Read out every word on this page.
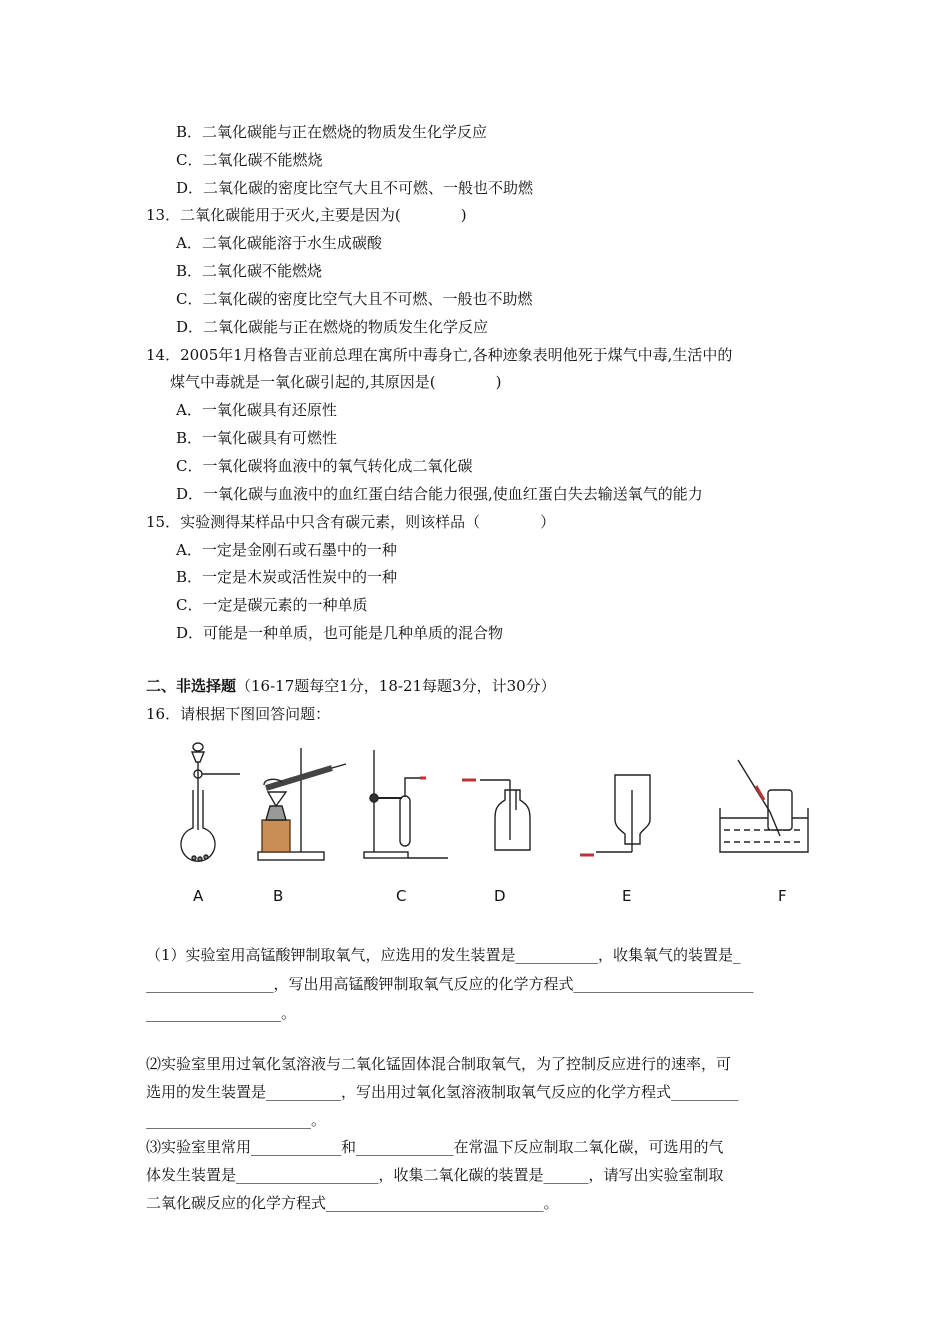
B．二氧化碳能与正在燃烧的物质发生化学反应
C．二氧化碳不能燃烧
D．二氧化碳的密度比空气大且不可燃、一般也不助燃
13．二氧化碳能用于灭火,主要是因为(　　　　)
A．二氧化碳能溶于水生成碳酸
B．二氧化碳不能燃烧
C．二氧化碳的密度比空气大且不可燃、一般也不助燃
D．二氧化碳能与正在燃烧的物质发生化学反应
14．2005年1月格鲁吉亚前总理在寓所中毒身亡,各种迹象表明他死于煤气中毒,生活中的
煤气中毒就是一氧化碳引起的,其原因是(　　　　)
A．一氧化碳具有还原性
B．一氧化碳具有可燃性
C．一氧化碳将血液中的氧气转化成二氧化碳
D．一氧化碳与血液中的血红蛋白结合能力很强,使血红蛋白失去输送氧气的能力
15．实验测得某样品中只含有碳元素，则该样品（　　　　）
A．一定是金刚石或石墨中的一种
B．一定是木炭或活性炭中的一种
C．一定是碳元素的一种单质
D．可能是一种单质，也可能是几种单质的混合物
二、非选择题（16-17题每空1分，18-21每题3分，计30分）
16．请根据下图回答问题：
A	B	C	D	E	F
（1）实验室用高锰酸钾制取氧气，应选用的发生装置是___________，收集氧气的装置是_
_________________，写出用高锰酸钾制取氧气反应的化学方程式________________________
__________________。
⑵实验室里用过氧化氢溶液与二氧化锰固体混合制取氧气，为了控制反应进行的速率，可
选用的发生装置是__________，写出用过氧化氢溶液制取氧气反应的化学方程式_________
______________________。
⑶实验室里常用____________和_____________在常温下反应制取二氧化碳，可选用的气
体发生装置是___________________，收集二氧化碳的装置是______，请写出实验室制取
二氧化碳反应的化学方程式_____________________________。
